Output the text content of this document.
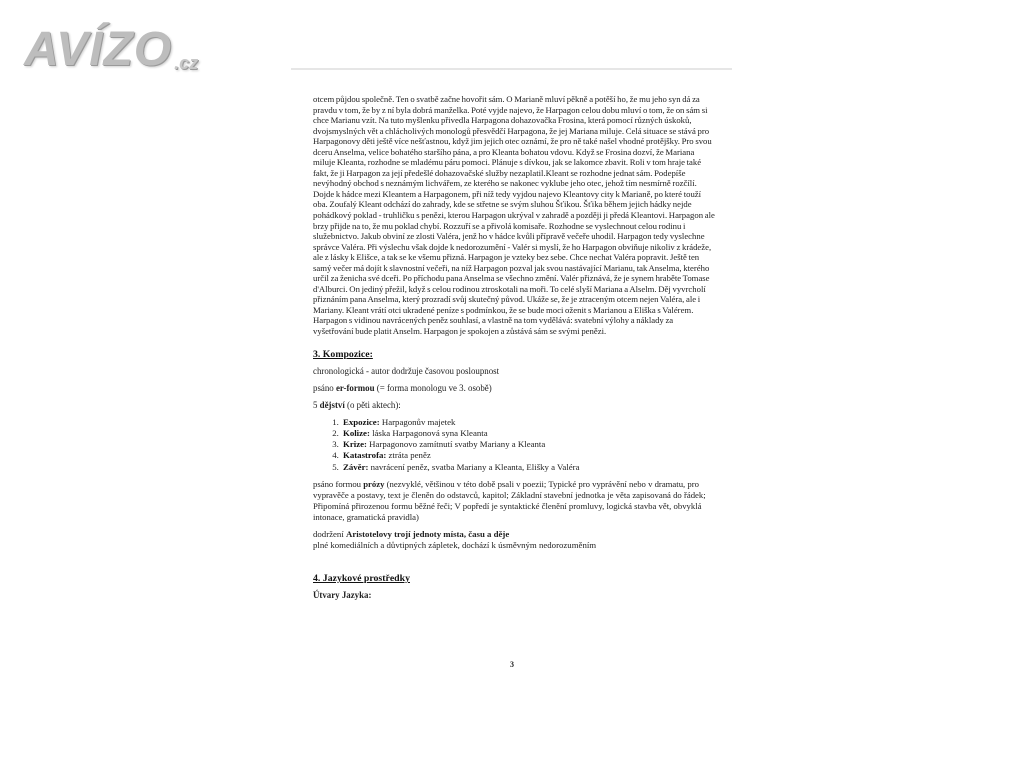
AVÍZO .cz

otcem půjdou společně. Ten o svatbě začne hovořit sám. O Marianě mluví pěkně a potěší ho, že mu jeho syn dá za pravdu v tom, že by z ní byla dobrá manželka. Poté vyjde najevo, že Harpagon celou dobu mluví o tom, že on sám si chce Marianu vzít. Na tuto myšlenku přivedla Harpagona dohazovačka Frosina, která pomocí různých úskoků, dvojsmyslných vět a chlácholivých monologů přesvědčí Harpagona, že jej Mariana miluje. Celá situace se stává pro Harpagonovy děti ještě více nešťastnou, když jim jejich otec oznámí, že pro ně také našel vhodné protějšky. Pro svou dceru Anselma, velice bohatého staršího pána, a pro Kleanta bohatou vdovu. Když se Frosina dozví, že Mariana miluje Kleanta, rozhodne se mladému páru pomoci. Plánuje s dívkou, jak se lakomce zbavit. Roli v tom hraje také fakt, že ji Harpagon za její předešlé dohazovačské služby nezaplatil.Kleant se rozhodne jednat sám. Podepíše nevýhodný obchod s neznámým lichvářem, ze kterého se nakonec vyklube jeho otec, jehož tím nesmírně rozčílí. Dojde k hádce mezi Kleantem a Harpagonem, při níž tedy vyjdou najevo Kleantovy city k Marianě, po které touží oba. Zoufalý Kleant odchází do zahrady, kde se střetne se svým sluhou Šťikou. Šťika během jejich hádky nejde pohádkový poklad - truhličku s penězi, kterou Harpagon ukrýval v zahradě a později ji předá Kleantovi. Harpagon ale brzy přijde na to, že mu poklad chybí. Rozzuří se a přivolá komisaře. Rozhodne se vyslechnout celou rodinu i služebnictvo. Jakub obviní ze zlosti Valéra, jenž ho v hádce kvůli přípravě večeře uhodil. Harpagon tedy vyslechne správce Valéra. Při výslechu však dojde k nedorozumění - Valér si myslí, že ho Harpagon obviňuje nikoliv z krádeže, ale z lásky k Elišce, a tak se ke všemu přizná. Harpagon je vzteky bez sebe. Chce nechat Valéra popravit. Ještě ten samý večer má dojít k slavnostní večeři, na níž Harpagon pozval jak svou nastávající Marianu, tak Anselma, kterého určil za ženicha své dceři. Po příchodu pana Anselma se všechno změní. Valér přiznává, že je synem hraběte Tomase d'Alburci. On jediný přežil, když s celou rodinou ztroskotali na moři. To celé slyší Mariana a Alselm. Děj vyvrcholí přiznáním pana Anselma, který prozradí svůj skutečný původ. Ukáže se, že je ztraceným otcem nejen Valéra, ale i Mariany. Kleant vrátí otci ukradené peníze s podmínkou, že se bude moci oženit s Marianou a Eliška s Valérem. Harpagon s vidinou navrácených peněz souhlasí, a vlastně na tom vydělává: svatební výlohy a náklady za vyšetřování bude platit Anselm. Harpagon je spokojen a zůstává sám se svými penězi.

3. Kompozice:

chronologická - autor dodržuje časovou posloupnost

psáno er-formou (= forma monologu ve 3. osobě)

5 dějství (o pěti aktech):

1. Expozice: Harpagonův majetek
2. Kolize: láska Harpagonová syna Kleanta
3. Krize: Harpagonovo zamítnutí svatby Mariany a Kleanta
4. Katastrofa: ztráta peněz
5. Závěr: navrácení peněz, svatba Mariany a Kleanta, Elišky a Valéra

psáno formou prózy (nezvyklé, většinou v této době psali v poezii; Typické pro vyprávění nebo v dramatu, pro vypravěče a postavy, text je členěn do odstavců, kapitol; Základní stavební jednotka je věta zapisovaná do řádek; Připomíná přirozenou formu běžné řeči; V popředí je syntaktické členění promluvy, logická stavba vět, obvyklá intonace, gramatická pravidla)

dodržení Aristotelovy trojí jednoty místa, času a děje
plné komediálních a důvtipných zápletek, dochází k úsměvným nedorozuměním

4. Jazykové prostředky

Útvary Jazyka:

3
